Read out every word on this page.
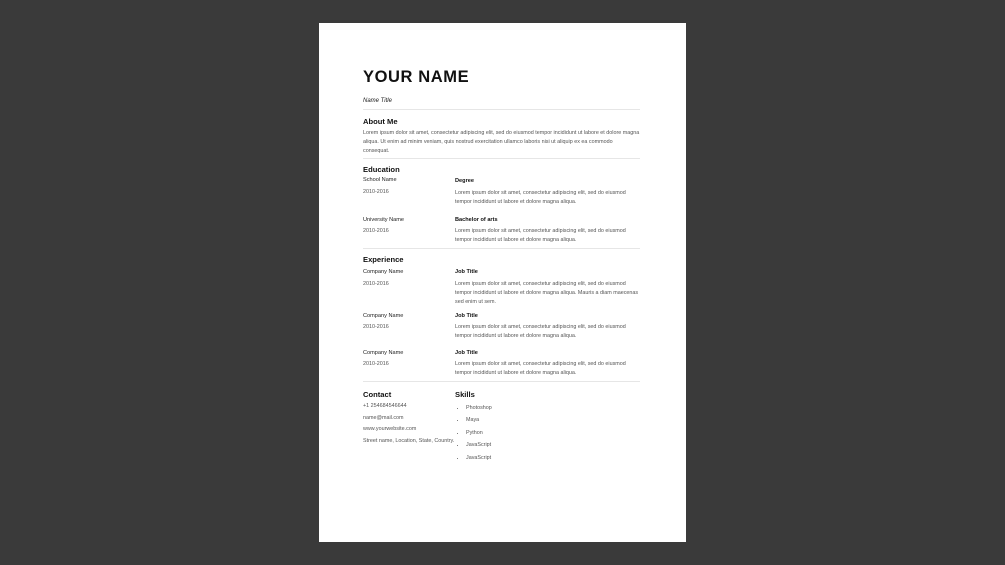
YOUR NAME
Name Title
About Me
Lorem ipsum dolor sit amet, consectetur adipiscing elit, sed do eiusmod tempor incididunt ut labore et dolore magna aliqua. Ut enim ad minim veniam, quis nostrud exercitation ullamco laboris nisi ut aliquip ex ea commodo consequat.
Education
School Name
2010-2016
Degree
Lorem ipsum dolor sit amet, consectetur adipiscing elit, sed do eiusmod tempor incididunt ut labore et dolore magna aliqua.
University Name
2010-2016
Bachelor of arts
Lorem ipsum dolor sit amet, consectetur adipiscing elit, sed do eiusmod tempor incididunt ut labore et dolore magna aliqua.
Experience
Company Name
2010-2016
Job Title
Lorem ipsum dolor sit amet, consectetur adipiscing elit, sed do eiusmod tempor incididunt ut labore et dolore magna aliqua. Mauris a diam maecenas sed enim ut sem.
Company Name
2010-2016
Job Title
Lorem ipsum dolor sit amet, consectetur adipiscing elit, sed do eiusmod tempor incididunt ut labore et dolore magna aliqua.
Company Name
2010-2016
Job Title
Lorem ipsum dolor sit amet, consectetur adipiscing elit, sed do eiusmod tempor incididunt ut labore et dolore magna aliqua.
Contact
+1 254684546644
name@mail.com
www.yourwebsite.com
Street name, Location, State, Country.
Skills
• Photoshop
• Maya
• Python
• JavaScript
• JavaScript
